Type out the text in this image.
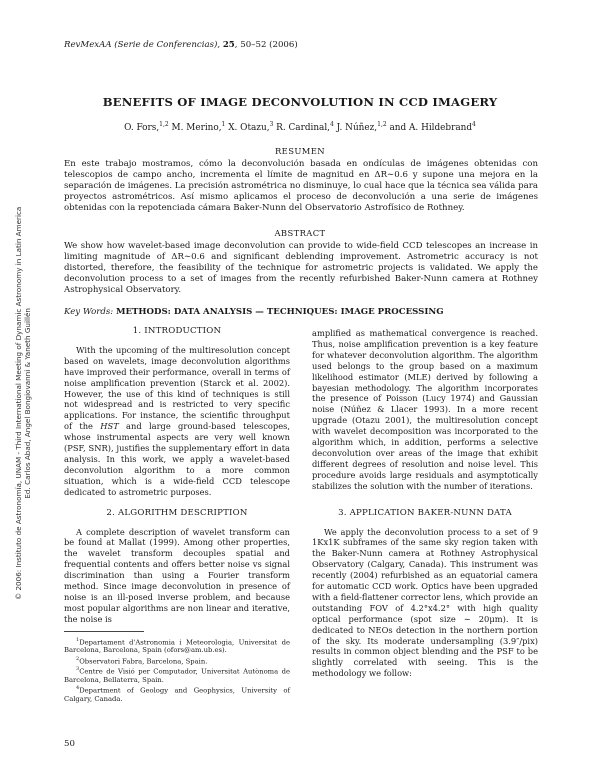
RevMexAA (Serie de Conferencias), 25, 50–52 (2006)
BENEFITS OF IMAGE DECONVOLUTION IN CCD IMAGERY
O. Fors,$^{1,2}$ M. Merino,$^1$ X. Otazu,$^3$ R. Cardinal,$^4$ J. Núñez,$^{1,2}$ and A. Hildebrand$^4$
RESUMEN

En este trabajo mostramos, cómo la deconvolución basada en ondículas de imágenes obtenidas con telescopios de campo ancho, incrementa el límite de magnitud en ΔR∼0.6 y supone una mejora en la separación de imágenes. La precisión astrométrica no disminuye, lo cual hace que la técnica sea válida para proyectos astrométricos. Así mismo aplicamos el proceso de deconvolución a una serie de imágenes obtenidas con la repotenciada cámara Baker-Nunn del Observatorio Astrofísico de Rothney.

ABSTRACT

We show how wavelet-based image deconvolution can provide to wide-field CCD telescopes an increase in limiting magnitude of ΔR∼0.6 and significant deblending improvement. Astrometric accuracy is not distorted, therefore, the feasibility of the technique for astrometric projects is validated. We apply the deconvolution process to a set of images from the recently refurbished Baker-Nunn camera at Rothney Astrophysical Observatory.

Key Words: METHODS: DATA ANALYSIS — TECHNIQUES: IMAGE PROCESSING
1. INTRODUCTION

With the upcoming of the multiresolution concept based on wavelets, image deconvolution algorithms have improved their performance, overall in terms of noise amplification prevention (Starck et al. 2002). However, the use of this kind of techniques is still not widespread and is restricted to very specific applications. For instance, the scientific throughput of the HST and large ground-based telescopes, whose instrumental aspects are very well known (PSF, SNR), justifies the supplementary effort in data analysis. In this work, we apply a wavelet-based deconvolution algorithm to a more common situation, which is a wide-field CCD telescope dedicated to astrometric purposes.

2. ALGORITHM DESCRIPTION

A complete description of wavelet transform can be found at Mallat (1999). Among other properties, the wavelet transform decouples spatial and frequential contents and offers better noise vs signal discrimination than using a Fourier transform method. Since image deconvolution in presence of noise is an ill-posed inverse problem, and because most popular algorithms are non linear and iterative, the noise is

$^1$Departament d'Astronomia i Meteorologia, Universitat de Barcelona, Barcelona, Spain (ofors@am.ub.es).

$^2$Observatori Fabra, Barcelona, Spain.

$^3$Centre de Visió per Computador, Universitat Autònoma de Barcelona, Bellaterra, Spain.

$^4$Department of Geology and Geophysics, University of Calgary, Canada.

amplified as mathematical convergence is reached. Thus, noise amplification prevention is a key feature for whatever deconvolution algorithm. The algorithm used belongs to the group based on a maximum likelihood estimator (MLE) derived by following a bayesian methodology. The algorithm incorporates the presence of Poisson (Lucy 1974) and Gaussian noise (Núñez & Llacer 1993). In a more recent upgrade (Otazu 2001), the multiresolution concept with wavelet decomposition was incorporated to the algorithm which, in addition, performs a selective deconvolution over areas of the image that exhibit different degrees of resolution and noise level. This procedure avoids large residuals and asymptotically stabilizes the solution with the number of iterations.

3. APPLICATION BAKER-NUNN DATA

We apply the deconvolution process to a set of 9 1Kx1K subframes of the same sky region taken with the Baker-Nunn camera at Rothney Astrophysical Observatory (Calgary, Canada). This instrument was recently (2004) refurbished as an equatorial camera for automatic CCD work. Optics have been upgraded with a field-flattener corrector lens, which provide an outstanding FOV of 4.2°x4.2° with high quality optical performance (spot size ∼ 20μm). It is dedicated to NEOs detection in the northern portion of the sky. Its moderate undersampling (3.9″/pix) results in common object blending and the PSF to be slightly correlated with seeing. This is the methodology we follow:

50
© 2006: Instituto de Astronomía, UNAM - Third International Meeting of Dynamic Astronomy in Latin America Ed. Carlos Abad, Angel Bongiovanni & Yaneth Guillén
